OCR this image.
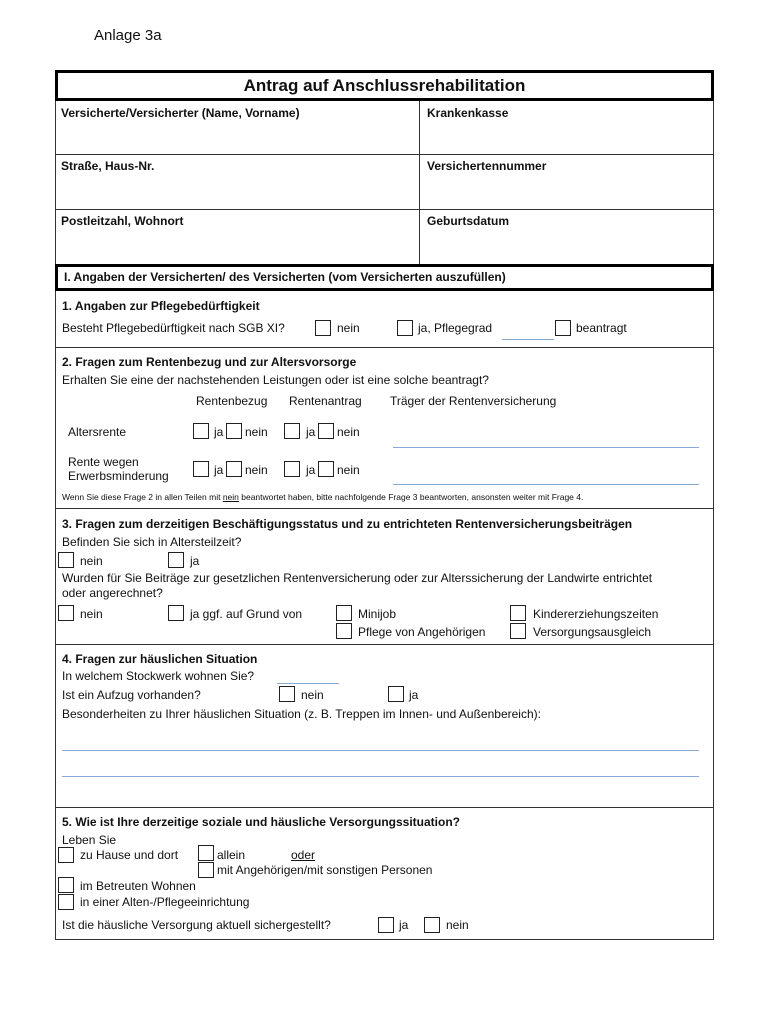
Anlage 3a
Antrag auf Anschlussrehabilitation
Versicherte/Versicherter (Name, Vorname)	Krankenkasse
Straße, Haus-Nr.	Versichertennummer
Postleitzahl, Wohnort	Geburtsdatum
I. Angaben der Versicherten/ des Versicherten (vom Versicherten auszufüllen)
1. Angaben zur Pflegebedürftigkeit
Besteht Pflegebedürftigkeit nach SGB XI?	nein	ja, Pflegegrad	beantragt
2. Fragen zum Rentenbezug und zur Altersvorsorge
Erhalten Sie eine der nachstehenden Leistungen oder ist eine solche beantragt?
Rentenbezug Rentenantrag Träger der Rentenversicherung
Altersrente	ja nein	ja nein
Rente wegen
Erwerbsminderung	ja nein	ja nein
Wenn Sie diese Frage 2 in allen Teilen mit nein beantwortet haben, bitte nachfolgende Frage 3 beantworten, ansonsten weiter mit Frage 4.
3. Fragen zum derzeitigen Beschäftigungsstatus und zu entrichteten Rentenversicherungsbeiträgen
Befinden Sie sich in Altersteilzeit?
nein	ja
Wurden für Sie Beiträge zur gesetzlichen Rentenversicherung oder zur Alterssicherung der Landwirte entrichtet
oder angerechnet?
nein	ja ggf. auf Grund von	Minijob	Kindererziehungszeiten
Pflege von Angehörigen	Versorgungsausgleich
4. Fragen zur häuslichen Situation
In welchem Stockwerk wohnen Sie?
Ist ein Aufzug vorhanden?	nein	ja
Besonderheiten zu Ihrer häuslichen Situation (z. B. Treppen im Innen- und Außenbereich):
5. Wie ist Ihre derzeitige soziale und häusliche Versorgungssituation?
Leben Sie
zu Hause und dort	allein	oder
mit Angehörigen/mit sonstigen Personen
im Betreuten Wohnen
in einer Alten-/Pflegeeinrichtung
Ist die häusliche Versorgung aktuell sichergestellt?	ja	nein
